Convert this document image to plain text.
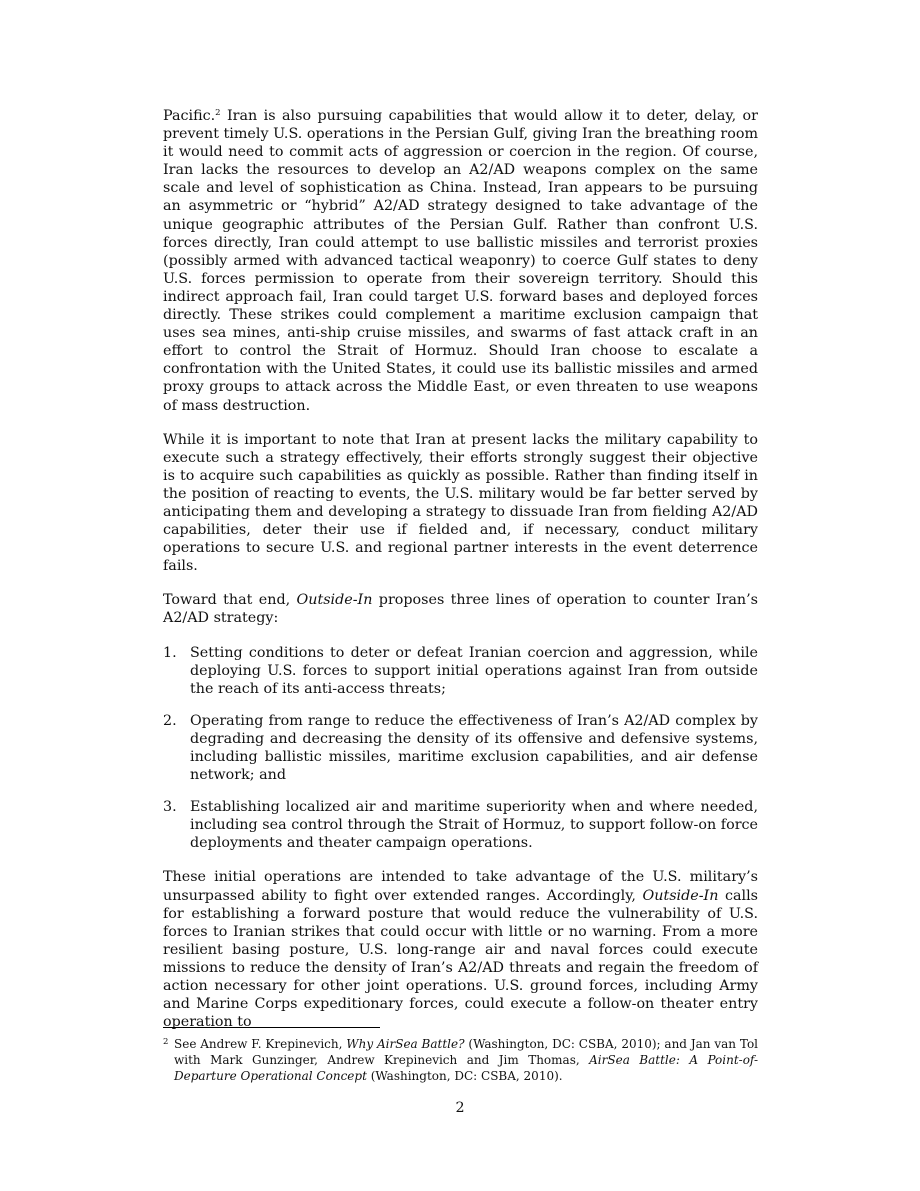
Pacific.$^2$ Iran is also pursuing capabilities that would allow it to deter, delay, or prevent timely U.S. operations in the Persian Gulf, giving Iran the breathing room it would need to commit acts of aggression or coercion in the region. Of course, Iran lacks the resources to develop an A2/AD weapons complex on the same scale and level of sophistication as China. Instead, Iran appears to be pursuing an asymmetric or “hybrid” A2/AD strategy designed to take advantage of the unique geographic attributes of the Persian Gulf. Rather than confront U.S. forces directly, Iran could attempt to use ballistic missiles and terrorist proxies (possibly armed with advanced tactical weaponry) to coerce Gulf states to deny U.S. forces permission to operate from their sovereign territory. Should this indirect approach fail, Iran could target U.S. forward bases and deployed forces directly. These strikes could complement a maritime exclusion campaign that uses sea mines, anti-ship cruise missiles, and swarms of fast attack craft in an effort to control the Strait of Hormuz. Should Iran choose to escalate a confrontation with the United States, it could use its ballistic missiles and armed proxy groups to attack across the Middle East, or even threaten to use weapons of mass destruction.

While it is important to note that Iran at present lacks the military capability to execute such a strategy effectively, their efforts strongly suggest their objective is to acquire such capabilities as quickly as possible. Rather than finding itself in the position of reacting to events, the U.S. military would be far better served by anticipating them and developing a strategy to dissuade Iran from fielding A2/AD capabilities, deter their use if fielded and, if necessary, conduct military operations to secure U.S. and regional partner interests in the event deterrence fails.

Toward that end, Outside-In proposes three lines of operation to counter Iran’s A2/AD strategy:

1. Setting conditions to deter or defeat Iranian coercion and aggression, while deploying U.S. forces to support initial operations against Iran from outside the reach of its anti-access threats;
2. Operating from range to reduce the effectiveness of Iran’s A2/AD complex by degrading and decreasing the density of its offensive and defensive systems, including ballistic missiles, maritime exclusion capabilities, and air defense network; and
3. Establishing localized air and maritime superiority when and where needed, including sea control through the Strait of Hormuz, to support follow-on force deployments and theater campaign operations.

These initial operations are intended to take advantage of the U.S. military’s unsurpassed ability to fight over extended ranges. Accordingly, Outside-In calls for establishing a forward posture that would reduce the vulnerability of U.S. forces to Iranian strikes that could occur with little or no warning. From a more resilient basing posture, U.S. long-range air and naval forces could execute missions to reduce the density of Iran’s A2/AD threats and regain the freedom of action necessary for other joint operations. U.S. ground forces, including Army and Marine Corps expeditionary forces, could execute a follow-on theater entry operation to

2 See Andrew F. Krepinevich, Why AirSea Battle? (Washington, DC: CSBA, 2010); and Jan van Tol with Mark Gunzinger, Andrew Krepinevich and Jim Thomas, AirSea Battle: A Point-of-Departure Operational Concept (Washington, DC: CSBA, 2010).
2
